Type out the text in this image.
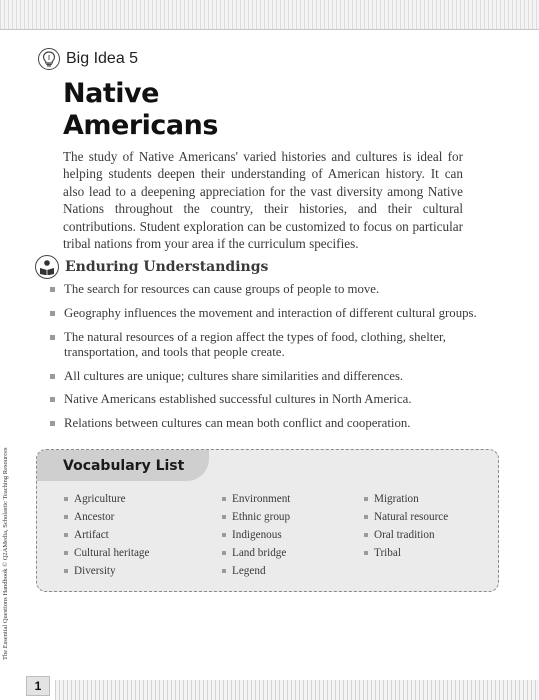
The Essential Questions Handbook © Q2AMedia, Scholastic Teaching Resources
Big Idea 5
Native
Americans

The study of Native Americans' varied histories and cultures is ideal for helping students deepen their understanding of American history. It can also lead to a deepening appreciation for the vast diversity among Native Nations throughout the country, their histories, and their cultural contributions. Student exploration can be customized to focus on particular tribal nations from your area if the curriculum specifies.

Enduring Understandings
The search for resources can cause groups of people to move.
Geography influences the movement and interaction of different cultural groups.
The natural resources of a region affect the types of food, clothing, shelter, transportation, and tools that people create.
All cultures are unique; cultures share similarities and differences.
Native Americans established successful cultures in North America.
Relations between cultures can mean both conflict and cooperation.
Vocabulary List
Agriculture
Ancestor
Artifact
Cultural heritage
Diversity
Environment
Ethnic group
Indigenous
Land bridge
Legend
Migration
Natural resource
Oral tradition
Tribal
1
